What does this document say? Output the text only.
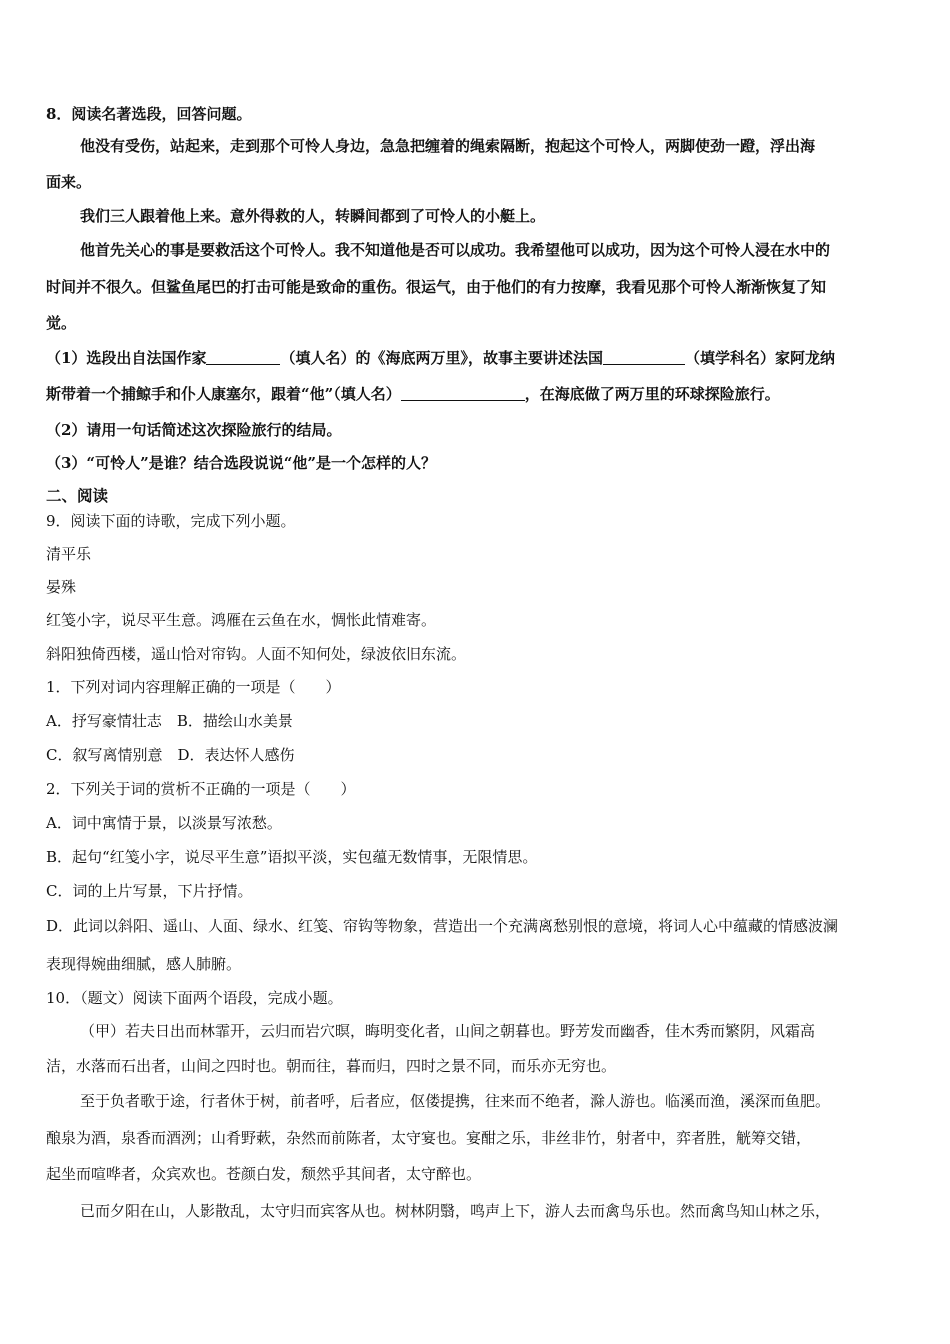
8．阅读名著选段，回答问题。
他没有受伤，站起来，走到那个可怜人身边，急急把缠着的绳索隔断，抱起这个可怜人，两脚使劲一蹬，浮出海
面来。
我们三人跟着他上来。意外得救的人，转瞬间都到了可怜人的小艇上。
他首先关心的事是要救活这个可怜人。我不知道他是否可以成功。我希望他可以成功，因为这个可怜人浸在水中的
时间并不很久。但鲨鱼尾巴的打击可能是致命的重伤。很运气，由于他们的有力按摩，我看见那个可怜人渐渐恢复了知
觉。
（1）选段出自法国作家	（填人名）的《海底两万里》，故事主要讲述法国	（填学科名）家阿龙纳
斯带着一个捕鲸手和仆人康塞尔，跟着“他”（填人名）	，在海底做了两万里的环球探险旅行。
（2）请用一句话简述这次探险旅行的结局。
（3）“可怜人”是谁？结合选段说说“他”是一个怎样的人？
二、阅读
9．阅读下面的诗歌，完成下列小题。
清平乐
晏殊
红笺小字，说尽平生意。鸿雁在云鱼在水，惆怅此情难寄。
斜阳独倚西楼，遥山恰对帘钩。人面不知何处，绿波依旧东流。
1．下列对词内容理解正确的一项是（　　）
A．抒写豪情壮志　B．描绘山水美景
C．叙写离情别意　D．表达怀人感伤
2．下列关于词的赏析不正确的一项是（　　）
A．词中寓情于景，以淡景写浓愁。
B．起句“红笺小字，说尽平生意”语拟平淡，实包蕴无数情事，无限情思。
C．词的上片写景，下片抒情。
D．此词以斜阳、遥山、人面、绿水、红笺、帘钩等物象，营造出一个充满离愁别恨的意境，将词人心中蕴藏的情感波澜
表现得婉曲细腻，感人肺腑。
10．（题文）阅读下面两个语段，完成小题。
（甲）若夫日出而林霏开，云归而岩穴暝，晦明变化者，山间之朝暮也。野芳发而幽香，佳木秀而繁阴，风霜高
洁，水落而石出者，山间之四时也。朝而往，暮而归，四时之景不同，而乐亦无穷也。
至于负者歌于途，行者休于树，前者呼，后者应，伛偻提携，往来而不绝者，滁人游也。临溪而渔，溪深而鱼肥。
酿泉为酒，泉香而酒洌；山肴野蔌，杂然而前陈者，太守宴也。宴酣之乐，非丝非竹，射者中，弈者胜，觥筹交错，
起坐而喧哗者，众宾欢也。苍颜白发，颓然乎其间者，太守醉也。
已而夕阳在山，人影散乱，太守归而宾客从也。树林阴翳，鸣声上下，游人去而禽鸟乐也。然而禽鸟知山林之乐，
